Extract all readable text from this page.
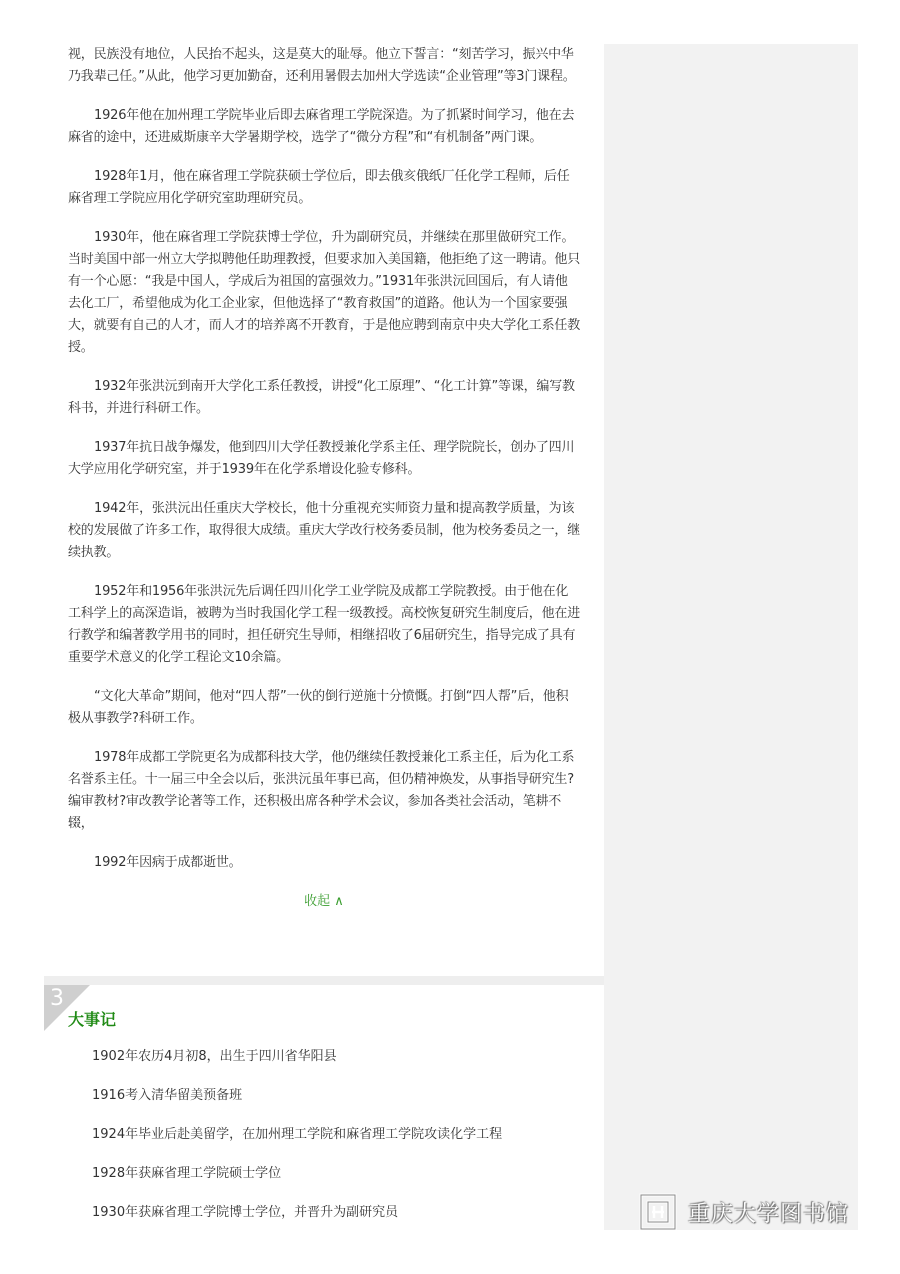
视，民族没有地位，人民抬不起头，这是莫大的耻辱。他立下誓言：“刻苦学习，振兴中华乃我辈己任。”从此，他学习更加勤奋，还利用暑假去加州大学选读“企业管理”等3门课程。

1926年他在加州理工学院毕业后即去麻省理工学院深造。为了抓紧时间学习，他在去麻省的途中，还进威斯康辛大学暑期学校，选学了“微分方程”和“有机制备”两门课。

1928年1月，他在麻省理工学院获硕士学位后，即去俄亥俄纸厂任化学工程师，后任麻省理工学院应用化学研究室助理研究员。

1930年，他在麻省理工学院获博士学位，升为副研究员，并继续在那里做研究工作。当时美国中部一州立大学拟聘他任助理教授，但要求加入美国籍，他拒绝了这一聘请。他只有一个心愿：“我是中国人，学成后为祖国的富强效力。”1931年张洪沅回国后，有人请他去化工厂，希望他成为化工企业家，但他选择了“教育救国”的道路。他认为一个国家要强大，就要有自己的人才，而人才的培养离不开教育，于是他应聘到南京中央大学化工系任教授。

1932年张洪沅到南开大学化工系任教授，讲授“化工原理”、“化工计算”等课，编写教科书，并进行科研工作。

1937年抗日战争爆发，他到四川大学任教授兼化学系主任、理学院院长，创办了四川大学应用化学研究室，并于1939年在化学系增设化验专修科。

1942年，张洪沅出任重庆大学校长，他十分重视充实师资力量和提高教学质量，为该校的发展做了许多工作，取得很大成绩。重庆大学改行校务委员制，他为校务委员之一，继续执教。

1952年和1956年张洪沅先后调任四川化学工业学院及成都工学院教授。由于他在化工科学上的高深造诣，被聘为当时我国化学工程一级教授。高校恢复研究生制度后，他在进行教学和编著教学用书的同时，担任研究生导师，相继招收了6届研究生，指导完成了具有重要学术意义的化学工程论文10余篇。

“文化大革命”期间，他对“四人帮”一伙的倒行逆施十分愤慨。打倒“四人帮”后，他积极从事教学?科研工作。

1978年成都工学院更名为成都科技大学，他仍继续任教授兼化工系主任，后为化工系名誉系主任。十一届三中全会以后，张洪沅虽年事已高，但仍精神焕发，从事指导研究生?编审教材?审改教学论著等工作，还积极出席各种学术会议，参加各类社会活动，笔耕不辍，

1992年因病于成都逝世。

收起 ∧
3
大事记
1902年农历4月初8，出生于四川省华阳县
1916考入清华留美预备班
1924年毕业后赴美留学，在加州理工学院和麻省理工学院攻读化学工程
1928年获麻省理工学院硕士学位
1930年获麻省理工学院博士学位，并晋升为副研究员	重庆大学图书馆
